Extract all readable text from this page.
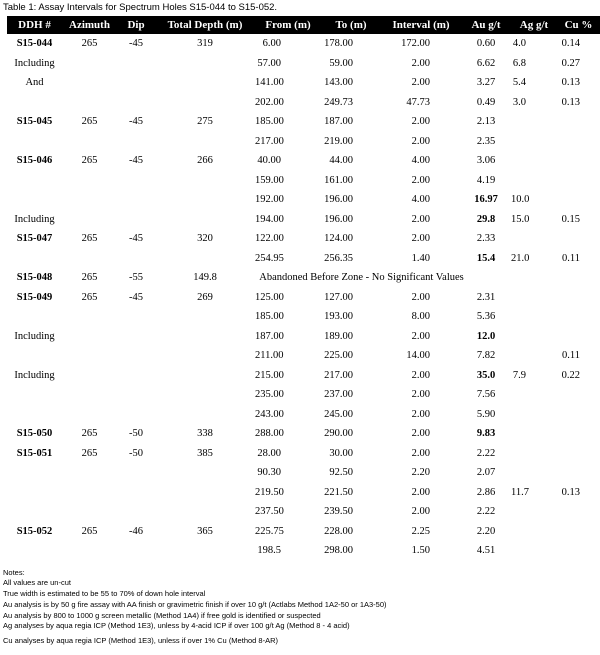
Table 1: Assay Intervals for Spectrum Holes S15-044 to S15-052.
DDH #	Azimuth	Dip	Total Depth (m)	From (m)	To (m)	Interval (m)	Au g/t	Ag g/t	Cu %
S15-044	265	-45	319	6.00	178.00	172.00	0.60	4.0	0.14
Including				57.00	59.00	2.00	6.62	6.8	0.27
And				141.00	143.00	2.00	3.27	5.4	0.13
				202.00	249.73	47.73	0.49	3.0	0.13
S15-045	265	-45	275	185.00	187.00	2.00	2.13		
				217.00	219.00	2.00	2.35		
S15-046	265	-45	266	40.00	44.00	4.00	3.06		
				159.00	161.00	2.00	4.19		
				192.00	196.00	4.00	16.97	10.0	
Including				194.00	196.00	2.00	29.8	15.0	0.15
S15-047	265	-45	320	122.00	124.00	2.00	2.33		
				254.95	256.35	1.40	15.4	21.0	0.11
S15-048	265	-55	149.8	Abandoned Before Zone - No Significant Values					
S15-049	265	-45	269	125.00	127.00	2.00	2.31		
				185.00	193.00	8.00	5.36		
Including				187.00	189.00	2.00	12.0		
				211.00	225.00	14.00	7.82		0.11
Including				215.00	217.00	2.00	35.0	7.9	0.22
				235.00	237.00	2.00	7.56		
				243.00	245.00	2.00	5.90		
S15-050	265	-50	338	288.00	290.00	2.00	9.83		
S15-051	265	-50	385	28.00	30.00	2.00	2.22		
				90.30	92.50	2.20	2.07		
				219.50	221.50	2.00	2.86	11.7	0.13
				237.50	239.50	2.00	2.22		
S15-052	265	-46	365	225.75	228.00	2.25	2.20		
				198.5	298.00	1.50	4.51		
Notes:
All values are un-cut
True width is estimated to be 55 to 70% of down hole interval
Au analysis is by 50 g fire assay with AA finish or gravimetric finish if over 10 g/t (Actlabs Method 1A2-50 or 1A3-50)
Au analysis by 800 to 1000 g screen metallic (Method 1A4) if free gold is identified or suspected
Ag analyses by aqua regia ICP (Method 1E3), unless by 4-acid ICP if over 100 g/t Ag (Method 8 - 4 acid)
Cu analyses by aqua regia ICP (Method 1E3), unless if over 1% Cu (Method 8-AR)
